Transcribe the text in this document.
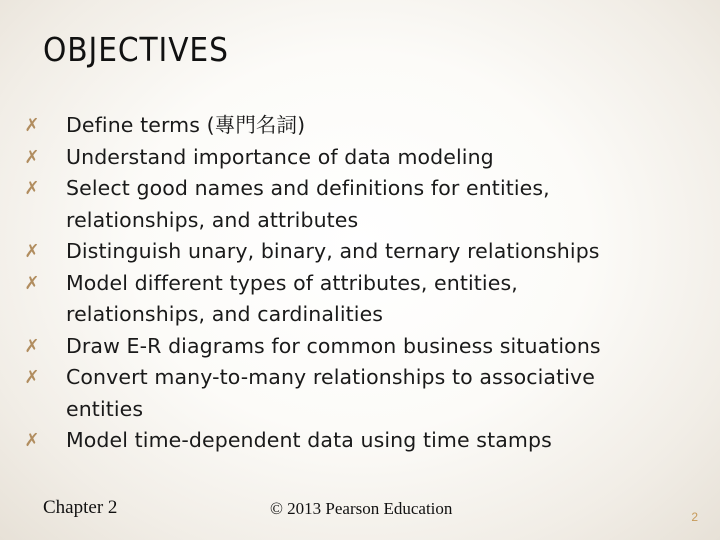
OBJECTIVES
✗ Define terms (專門名詞)
✗ Understand importance of data modeling
✗ Select good names and definitions for entities,
relationships, and attributes
✗ Distinguish unary, binary, and ternary relationships
✗ Model different types of attributes, entities,
relationships, and cardinalities
✗ Draw E-R diagrams for common business situations
✗ Convert many-to-many relationships to associative
entities
✗ Model time-dependent data using time stamps
Chapter 2	© 2013 Pearson Education	2
